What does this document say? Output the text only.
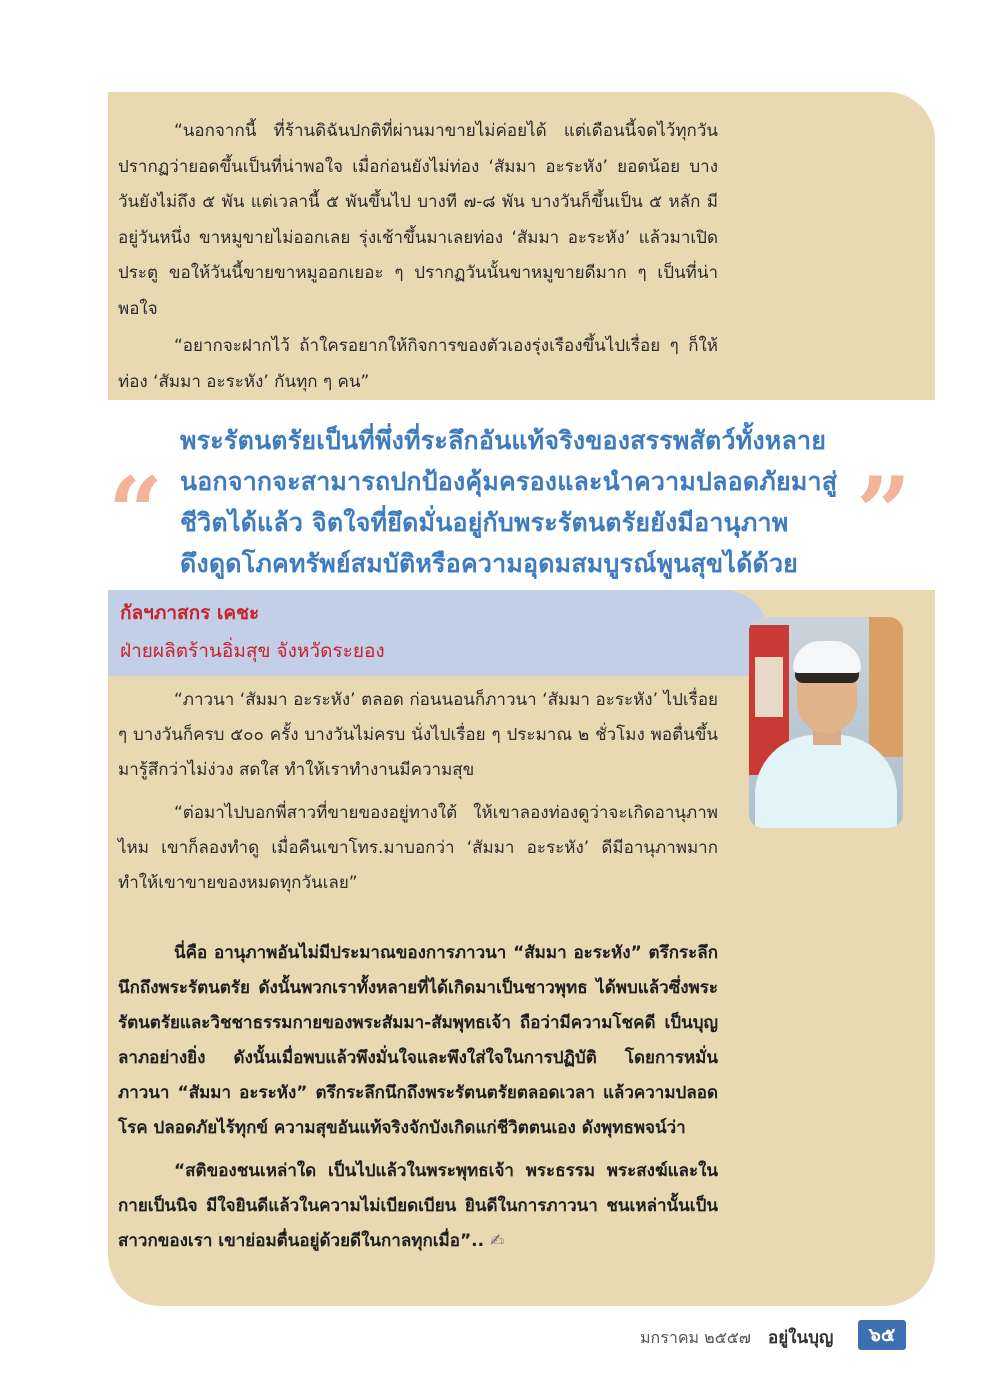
“นอกจากนี้ ที่ร้านดิฉันปกติที่ผ่านมาขายไม่ค่อยได้ แต่เดือนนี้จดไว้ทุกวัน ปรากฏว่ายอดขึ้นเป็นที่น่าพอใจ เมื่อก่อนยังไม่ท่อง ‘สัมมา อะระหัง’ ยอดน้อย บางวันยังไม่ถึง ๕ พัน แต่เวลานี้ ๕ พันขึ้นไป บางที ๗-๘ พัน บางวันก็ขึ้นเป็น ๕ หลัก มีอยู่วันหนึ่ง ขาหมูขายไม่ออกเลย รุ่งเช้าขึ้นมาเลยท่อง ‘สัมมา อะระหัง’ แล้วมาเปิดประตู ขอให้วันนี้ขายขาหมูออกเยอะ ๆ ปรากฏวันนั้นขาหมูขายดีมาก ๆ เป็นที่น่าพอใจ

“อยากจะฝากไว้ ถ้าใครอยากให้กิจการของตัวเองรุ่งเรืองขึ้นไปเรื่อย ๆ ก็ให้ท่อง ‘สัมมา อะระหัง’ กันทุก ๆ คน”

“
พระรัตนตรัยเป็นที่พึ่งที่ระลึกอันแท้จริงของสรรพสัตว์ทั้งหลาย
นอกจากจะสามารถปกป้องคุ้มครองและนำความปลอดภัยมาสู่
ชีวิตได้แล้ว จิตใจที่ยึดมั่นอยู่กับพระรัตนตรัยยังมีอานุภาพ
ดึงดูดโภคทรัพย์สมบัติหรือความอุดมสมบูรณ์พูนสุขได้ด้วย ”
กัลฯภาสกร เคชะ
ฝ่ายผลิตร้านอิ่มสุข จังหวัดระยอง

“ภาวนา ‘สัมมา อะระหัง’ ตลอด ก่อนนอนก็ภาวนา ‘สัมมา อะระหัง’ ไปเรื่อย ๆ บางวันก็ครบ ๕๐๐ ครั้ง บางวันไม่ครบ นั่งไปเรื่อย ๆ ประมาณ ๒ ชั่วโมง พอตื่นขึ้นมารู้สึกว่าไม่ง่วง สดใส ทำให้เราทำงานมีความสุข

“ต่อมาไปบอกพี่สาวที่ขายของอยู่ทางใต้ ให้เขาลองท่องดูว่าจะเกิดอานุภาพไหม เขาก็ลองทำดู เมื่อคืนเขาโทร.มาบอกว่า ‘สัมมา อะระหัง’ ดีมีอานุภาพมาก ทำให้เขาขายของหมดทุกวันเลย”

นี่คือ อานุภาพอันไม่มีประมาณของการภาวนา “สัมมา อะระหัง” ตรึกระลึกนึกถึงพระรัตนตรัย ดังนั้นพวกเราทั้งหลายที่ได้เกิดมาเป็นชาวพุทธ ได้พบแล้วซึ่งพระรัตนตรัยและวิชชาธรรมกายของพระสัมมา-สัมพุทธเจ้า ถือว่ามีความโชคดี เป็นบุญลาภอย่างยิ่ง ดังนั้นเมื่อพบแล้วพึงมั่นใจและพึงใส่ใจในการปฏิบัติ โดยการหมั่นภาวนา “สัมมา อะระหัง” ตรึกระลึกนึกถึงพระรัตนตรัยตลอดเวลา แล้วความปลอดโรค ปลอดภัยไร้ทุกข์ ความสุขอันแท้จริงจักบังเกิดแก่ชีวิตตนเอง ดังพุทธพจน์ว่า

“สติของชนเหล่าใด เป็นไปแล้วในพระพุทธเจ้า พระธรรม พระสงฆ์และในกายเป็นนิจ มีใจยินดีแล้วในความไม่เบียดเบียน ยินดีในการภาวนา ชนเหล่านั้นเป็นสาวกของเรา เขาย่อมตื่นอยู่ด้วยดีในกาลทุกเมื่อ”.. ✍

มกราคม ๒๕๕๗ อยู่ในบุญ	๖๕
